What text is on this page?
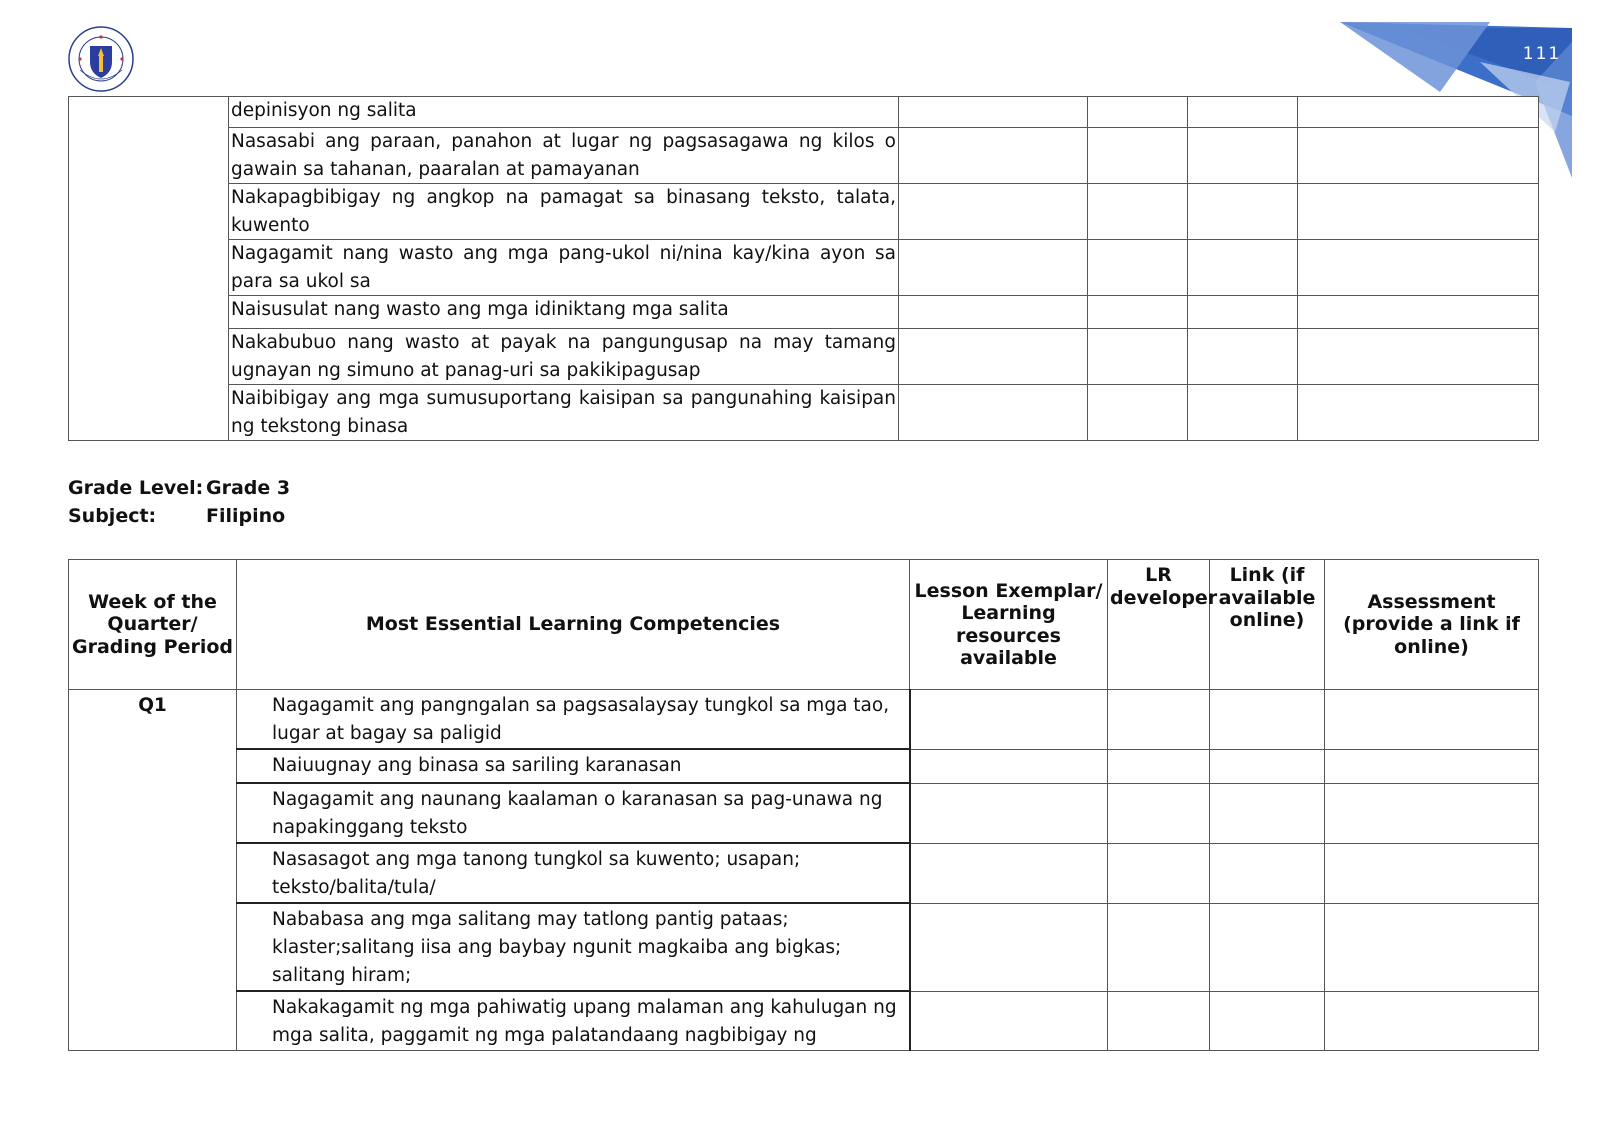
111
	depinisyon ng salita				
	Nasasabi ang paraan, panahon at lugar ng pagsasagawa ng kilos o gawain sa tahanan, paaralan at pamayanan				
	Nakapagbibigay ng angkop na pamagat sa binasang teksto, talata, kuwento				
	Nagagamit nang wasto ang mga pang-ukol ni/nina kay/kina ayon sa para sa ukol sa				
	Naisusulat nang wasto ang mga idiniktang mga salita				
	Nakabubuo nang wasto at payak na pangungusap na may tamang ugnayan ng simuno at panag-uri sa pakikipagusap				
	Naibibigay ang mga sumusuportang kaisipan sa pangunahing kaisipan ng tekstong binasa				
Grade Level: Grade 3
Subject:	Filipino
Week of the Quarter/ Grading Period	Most Essential Learning Competencies	Lesson Exemplar/ Learning resources available	LR developer	Link (if available online)	Assessment (provide a link if online)
Q1	Nagagamit ang pangngalan sa pagsasalaysay tungkol sa mga tao, lugar at bagay sa paligid				
	Naiuugnay ang binasa sa sariling karanasan				
	Nagagamit ang naunang kaalaman o karanasan sa pag-unawa ng napakinggang teksto				
	Nasasagot ang mga tanong tungkol sa kuwento; usapan; teksto/balita/tula/				
	Nababasa ang mga salitang may tatlong pantig pataas; klaster;salitang iisa ang baybay ngunit magkaiba ang bigkas; salitang hiram;				
	Nakakagamit ng mga pahiwatig upang malaman ang kahulugan ng mga salita, paggamit ng mga palatandaang nagbibigay ng				
